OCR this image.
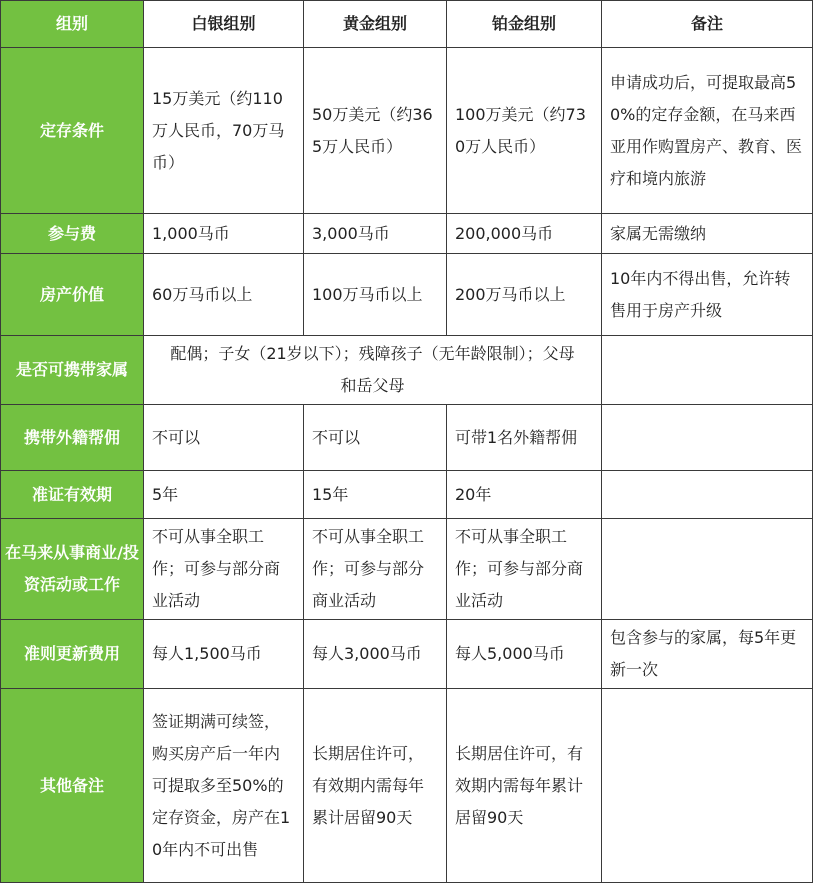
组别	白银组别	黄金组别	铂金组别	备注
定存条件	15万美元（约110万人民币，70万马币）	50万美元（约365万人民币）	100万美元（约730万人民币）	申请成功后，可提取最高50%的定存金额，在马来西亚用作购置房产、教育、医疗和境内旅游
参与费	1,000马币	3,000马币	200,000马币	家属无需缴纳
房产价值	60万马币以上	100万马币以上	200万马币以上	10年内不得出售，允许转售用于房产升级
是否可携带家属	配偶；子女（21岁以下）；残障孩子（无年龄限制）；父母和岳父母			
携带外籍帮佣	不可以	不可以	可带1名外籍帮佣	
准证有效期	5年	15年	20年	
在马来从事商业/投资活动或工作	不可从事全职工作；可参与部分商业活动	不可从事全职工作；可参与部分商业活动	不可从事全职工作；可参与部分商业活动	
准则更新费用	每人1,500马币	每人3,000马币	每人5,000马币	包含参与的家属，每5年更新一次
其他备注	签证期满可续签，购买房产后一年内可提取多至50%的定存资金，房产在10年内不可出售	长期居住许可，有效期内需每年累计居留90天	长期居住许可，有效期内需每年累计居留90天	
